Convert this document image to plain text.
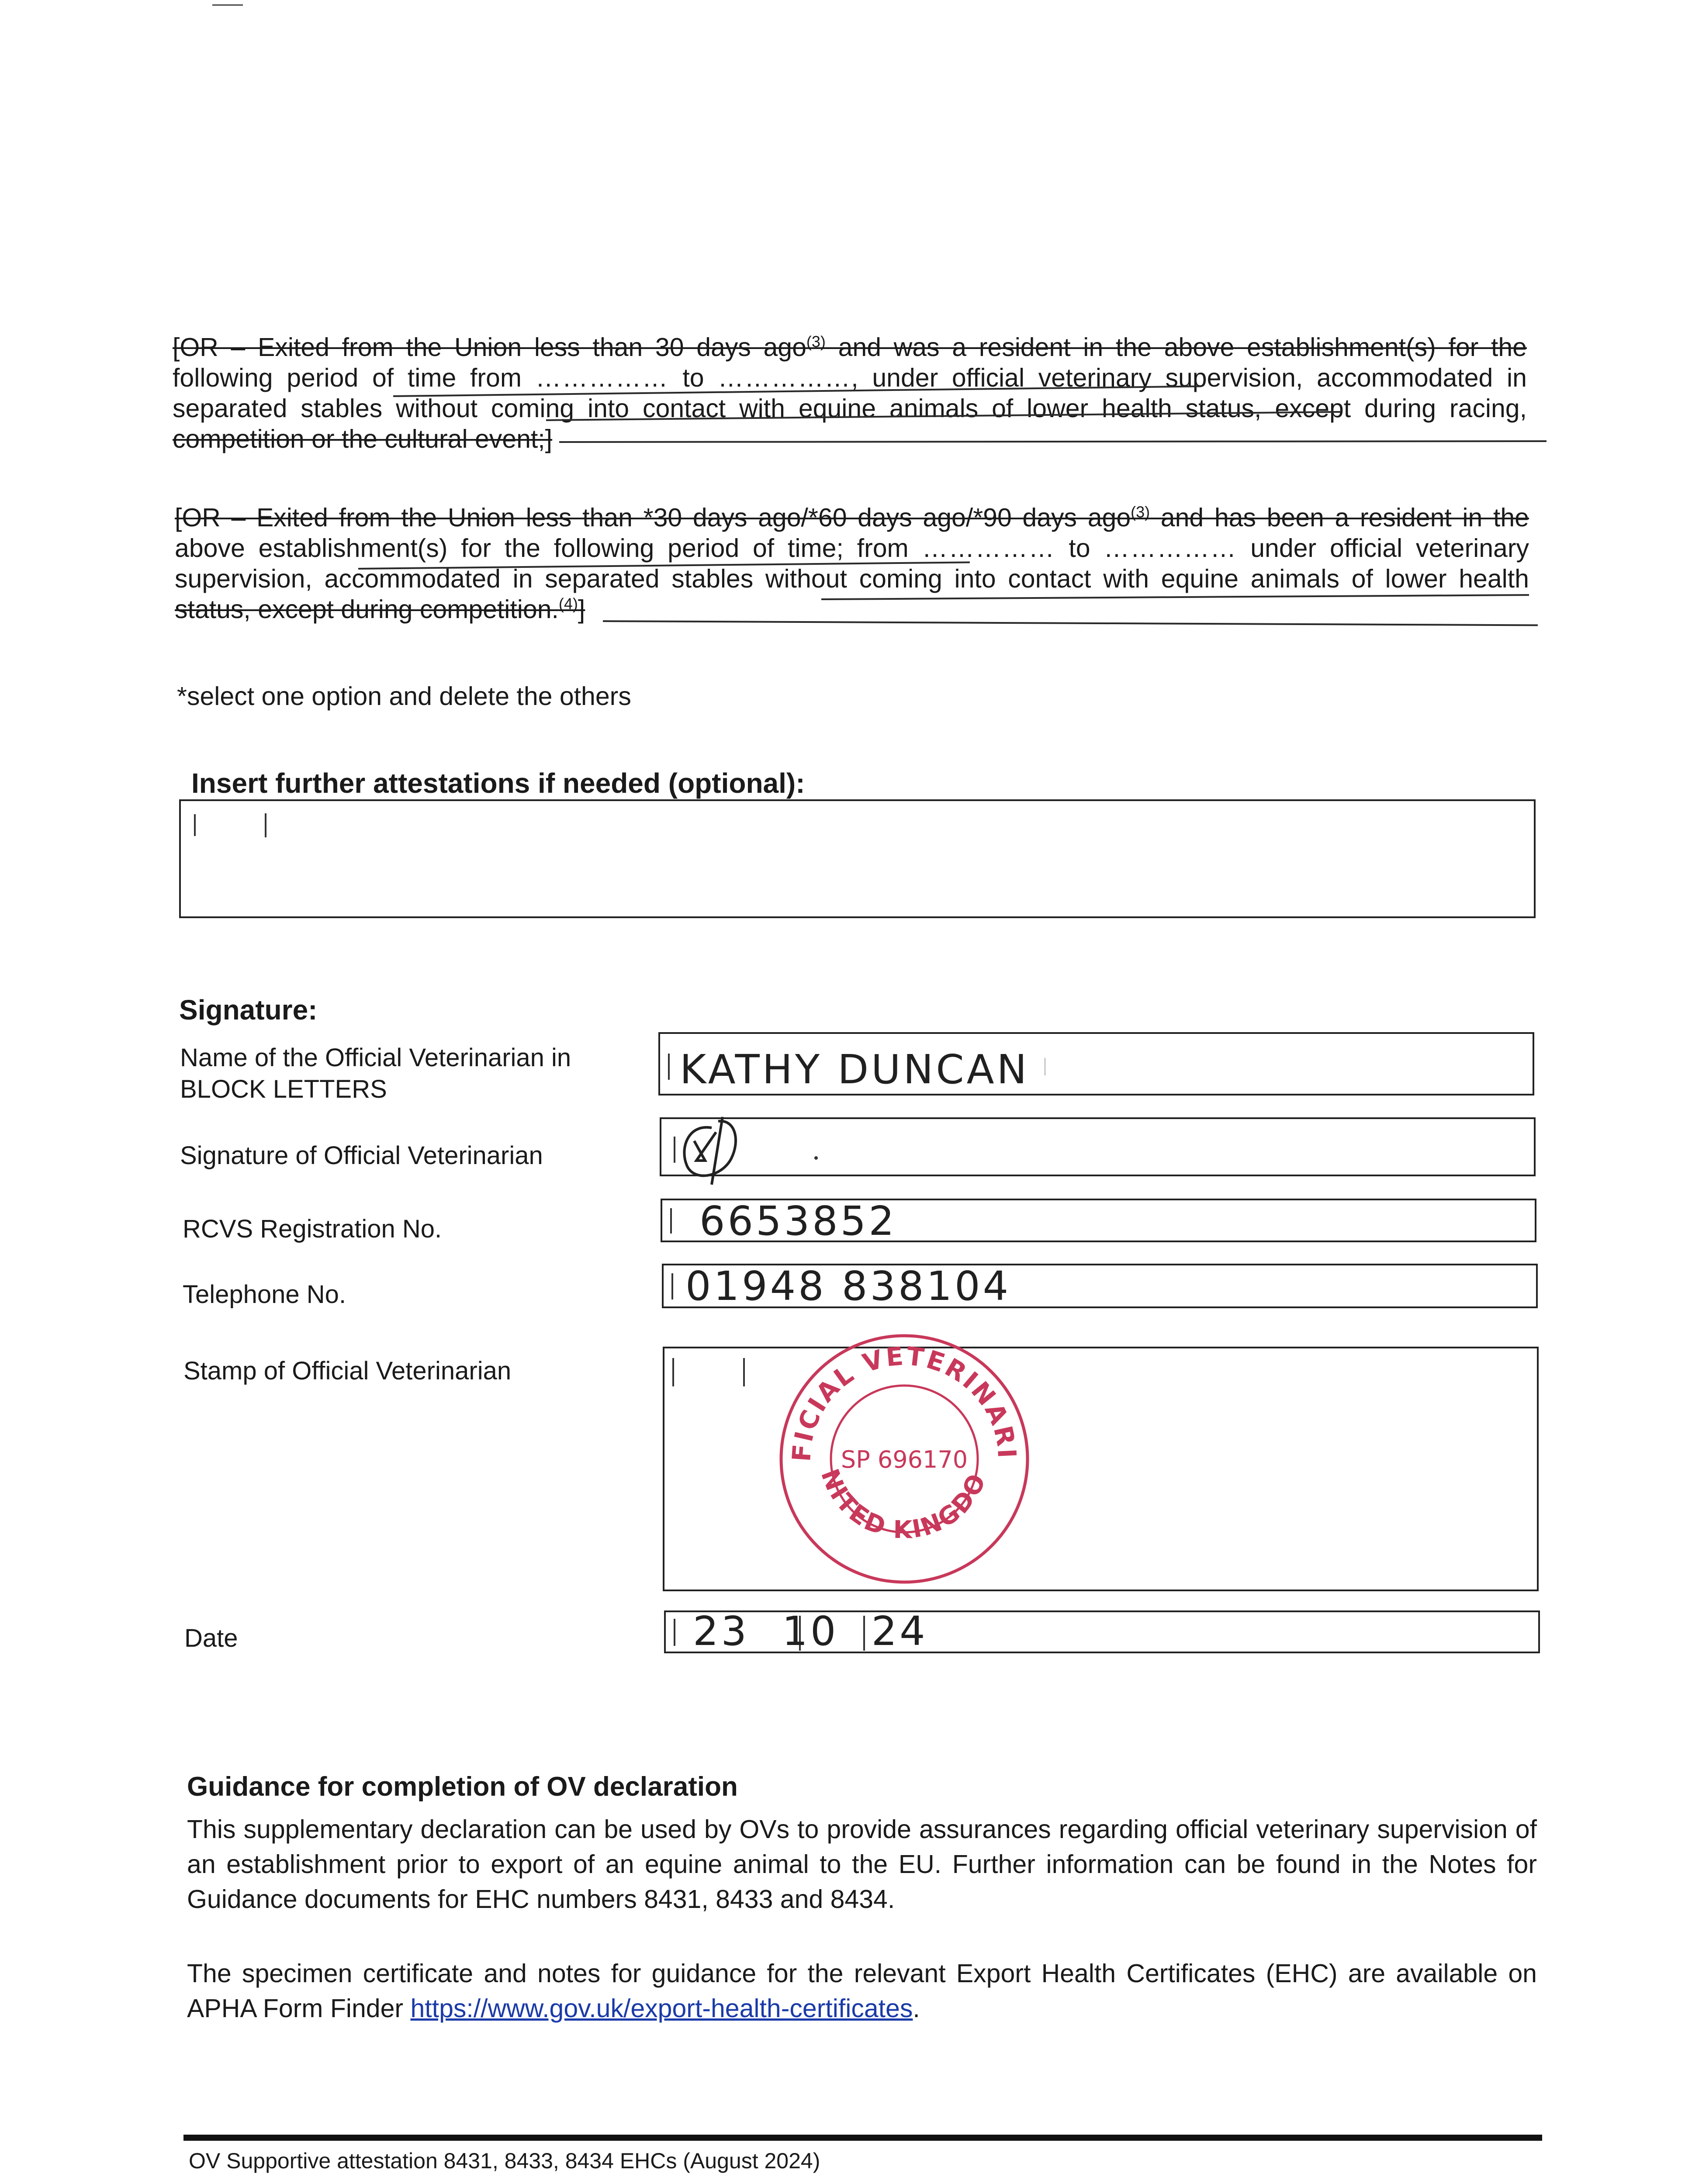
[OR – Exited from the Union less than 30 days ago$^{(3)}$ and was a resident in the above establishment(s) for the
following period of time from …………… to ……………, under official veterinary supervision, accommodated in
separated stables without coming into contact with equine animals of lower health status, except during racing,
competition or the cultural event;]
[OR – Exited from the Union less than *30 days ago/*60 days ago/*90 days ago$^{(3)}$ and has been a resident in the
above establishment(s) for the following period of time; from …………… to …………… under official veterinary
supervision, accommodated in separated stables without coming into contact with equine animals of lower health
status, except during competition.$^{(4)}$]
*select one option and delete the others
Insert further attestations if needed (optional):
Signature:
Name of the Official Veterinarian in
BLOCK LETTERS	KATHY DUNCAN
Signature of Official Veterinarian
RCVS Registration No.	6653852
Telephone No.	01948 838104
Stamp of Official Veterinarian
FICIAL VETERINARI
NITED KINGDO
SP 696170
Date	23 10 24
Guidance for completion of OV declaration
This supplementary declaration can be used by OVs to provide assurances regarding official veterinary supervision of an establishment prior to export of an equine animal to the EU. Further information can be found in the Notes for Guidance documents for EHC numbers 8431, 8433 and 8434.
The specimen certificate and notes for guidance for the relevant Export Health Certificates (EHC) are available on APHA Form Finder https://www.gov.uk/export-health-certificates.
OV Supportive attestation 8431, 8433, 8434 EHCs (August 2024)
